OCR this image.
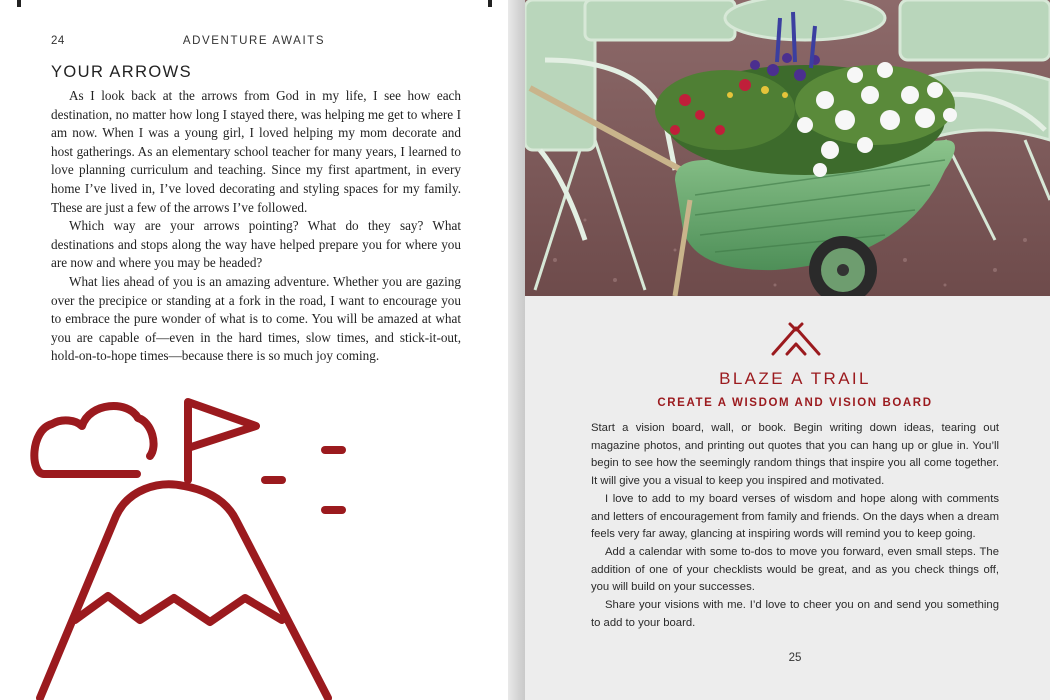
24	ADVENTURE AWAITS
YOUR ARROWS

As I look back at the arrows from God in my life, I see how each destination, no matter how long I stayed there, was helping me get to where I am now. When I was a young girl, I loved helping my mom decorate and host gatherings. As an elementary school teacher for many years, I learned to love planning curriculum and teaching. Since my first apartment, in every home I’ve lived in, I’ve loved decorating and styling spaces for my family. These are just a few of the arrows I’ve followed.

Which way are your arrows pointing? What do they say? What destinations and stops along the way have helped prepare you for where you are now and where you may be headed?

What lies ahead of you is an amazing adventure. Whether you are gazing over the precipice or standing at a fork in the road, I want to encourage you to embrace the pure wonder of what is to come. You will be amazed at what you are capable of—even in the hard times, slow times, and stick-it-out, hold-on-to-hope times—because there is so much joy coming.

BLAZE A TRAIL
CREATE A WISDOM AND VISION BOARD

Start a vision board, wall, or book. Begin writing down ideas, tearing out magazine photos, and printing out quotes that you can hang up or glue in. You’ll begin to see how the seemingly random things that inspire you all come together. It will give you a visual to keep you inspired and motivated.

I love to add to my board verses of wisdom and hope along with comments and letters of encouragement from family and friends. On the days when a dream feels very far away, glancing at inspiring words will remind you to keep going.

Add a calendar with some to-dos to move you forward, even small steps. The addition of one of your checklists would be great, and as you check things off, you will build on your successes.

Share your visions with me. I’d love to cheer you on and send you something to add to your board.

25
